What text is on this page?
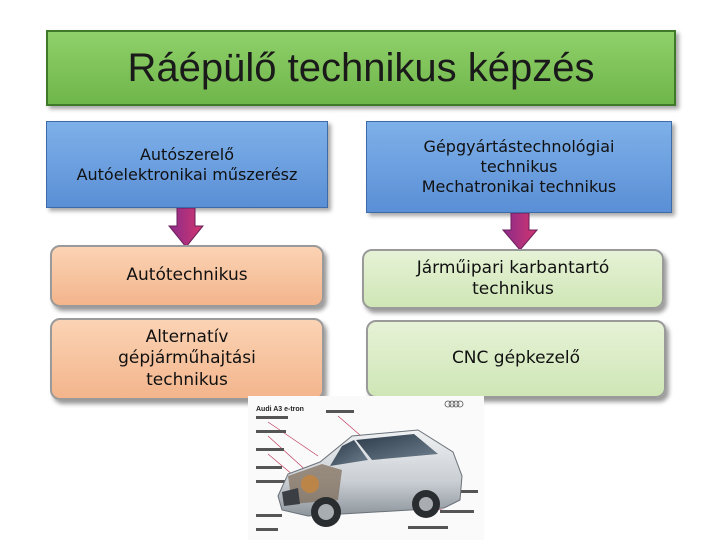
Ráépülő technikus képzés
Autószerelő
Autóelektronikai műszerész
Autótechnikus
Alternatív
gépjárműhajtási
technikus
Gépgyártástechnológiai
technikus
Mechatronikai technikus
Járműipari karbantartó
technikus
CNC gépkezelő
Audi A3 e-tron
